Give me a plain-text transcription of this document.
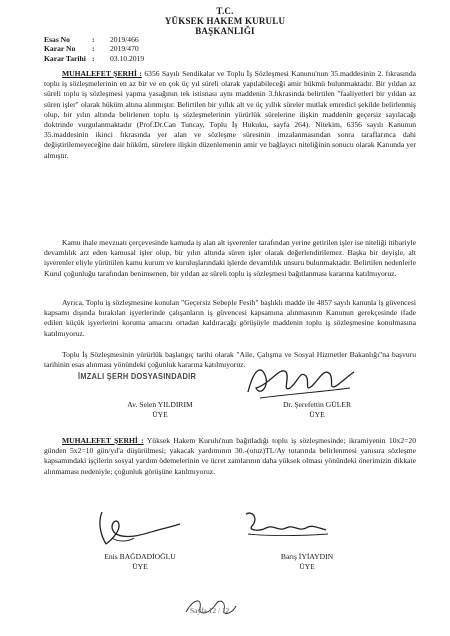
T.C.
YÜKSEK HAKEM KURULU
BAŞKANLIĞI
Esas No	:	2019/466
Karar No	:	2019/470
Karar Tarihi :	03.10.2019
MUHALEFET ŞERHİ : 6356 Sayılı Sendikalar ve Toplu İş Sözleşmesi Kanunu'nun 35.maddesinin 2. fıkrasında toplu iş sözleşmelerinin en az bir ve en çok üç yıl süreli olarak yapılabileceği amir hükmü bulunmaktadır. Bir yıldan az süreli toplu iş sözleşmesi yapma yasağının tek istisnası aynı maddenin 3.fıkrasında belirtilen "faaliyetleri bir yıldan az süren işler" olarak hüküm altına alınmıştır. Belirtilen bir yıllık alt ve üç yıllık süreler mutlak emredici şekilde belirlenmiş olup, bir yılın altında belirlenen toplu iş sözleşmelerinin yürürlük sürelerine ilişkin maddenin geçersiz sayılacağı doktrinde vurgulanmaktadır (Prof.Dr.Can Tuncay, Toplu İş Hukuku, sayfa 264). Nitekim, 6356 sayılı Kanunun 35.maddesinin ikinci fıkrasında yer alan ve sözleşme süresinin imzalanmasından sonra taraflarınca dahi değiştirilemeyeceğine dair hüküm, sürelere ilişkin düzenlemenin amir ve bağlayıcı niteliğinin sonucu olarak Kanunda yer almıştır.
Kamu ihale mevzuatı çerçevesinde kamuda iş alan alt işverenler tarafından yerine getirilen işler ise niteliği itibariyle devamlılık arz eden kamusal işler olup, bir yılın altında süren işler olarak değerlendirilemez. Başka bir deyişle, alt işverenler eliyle yürütülen kamu kurum ve kuruluşlarındaki işlerde devamlılık unsuru bulunmaktadır. Belirtilen nedenlerle Kurul çoğunluğu tarafından benimsenen, bir yıldan az süreli toplu iş sözleşmesi bağıtlanması kararına katılmıyoruz.
Ayrıca, Toplu iş sözleşmesine konulan "Geçersiz Sebeple Fesih" başlıklı madde ile 4857 sayılı kanunla iş güvencesi kapsamı dışında bırakılan işyerlerinde çalışanların iş güvencesi kapsamına alınmasının Kanunun gerekçesinde ifade edilen küçük işyerlerini koruma amacını ortadan kaldıracağı görüşüyle maddenin toplu iş sözleşmesine konulmasına katılmıyoruz.
Toplu İş Sözleşmesinin yürürlük başlangıç tarihi olarak "Aile, Çalışma ve Sosyal Hizmetler Bakanlığı"na başvuru tarihinin esas alınması yönündeki çoğunluk kararına katılmıyoruz.
İMZALI ŞERH DOSYASINDADIR
Av. Selen YILDIRIM
ÜYE
Dr. Şerefettin GÜLER
ÜYE
MUHALEFET ŞERHİ : Yüksek Hakem Kurulu'nun bağıtladığı toplu iş sözleşmesinde; ikramiyenin 10x2=20 günden 5x2=10 gün/yıl'a düşürülmesi; yakacak yardımının 30.-(otuz)TL/Ay tutarında belirlenmesi yanısıra sözleşme kapsamındaki işçilerin sosyal yardım ödemelerinin ve ücret zamlarının daha yüksek olması yönündeki önerimizin dikkate alınmaması nedeniyle; çoğunluk görüşüne katılmıyoruz.
Enis BAĞDADİOĞLU
ÜYE
Barış İYİAYDIN
ÜYE
Sayfa 12 / 12
